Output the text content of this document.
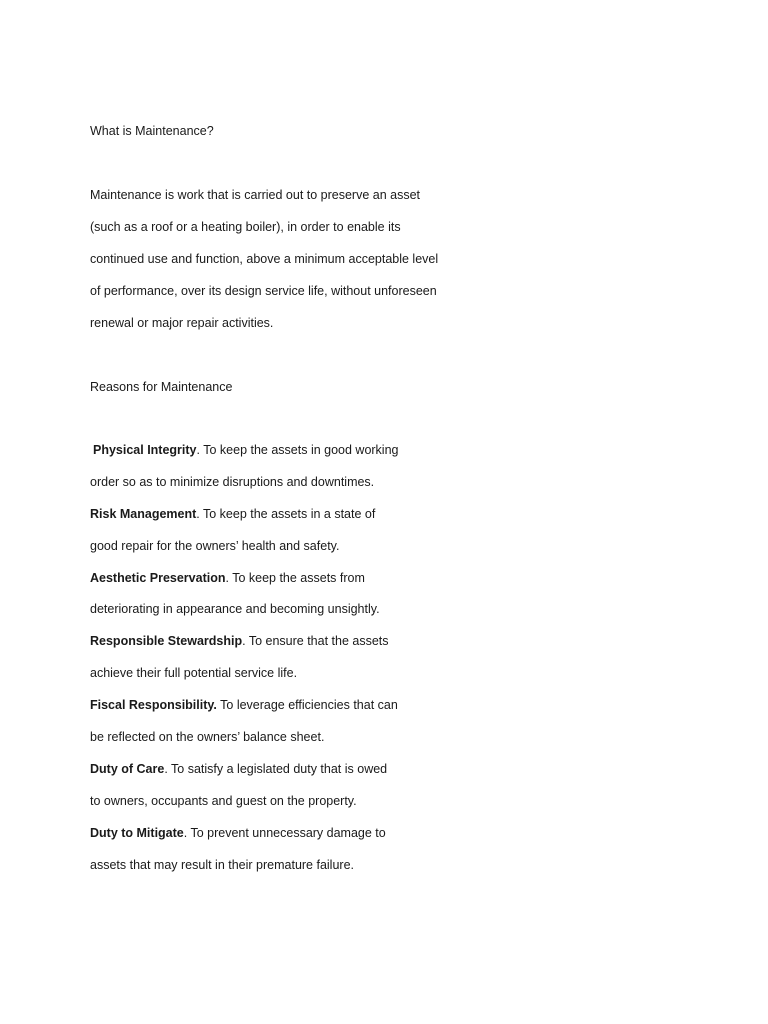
What is Maintenance?
Maintenance is work that is carried out to preserve an asset
(such as a roof or a heating boiler), in order to enable its
continued use and function, above a minimum acceptable level
of performance, over its design service life, without unforeseen
renewal or major repair activities.
Reasons for Maintenance
Physical Integrity. To keep the assets in good working
order so as to minimize disruptions and downtimes.
Risk Management. To keep the assets in a state of
good repair for the owners’ health and safety.
Aesthetic Preservation. To keep the assets from
deteriorating in appearance and becoming unsightly.
Responsible Stewardship. To ensure that the assets
achieve their full potential service life.
Fiscal Responsibility. To leverage efficiencies that can
be reflected on the owners’ balance sheet.
Duty of Care. To satisfy a legislated duty that is owed
to owners, occupants and guest on the property.
Duty to Mitigate. To prevent unnecessary damage to
assets that may result in their premature failure.
